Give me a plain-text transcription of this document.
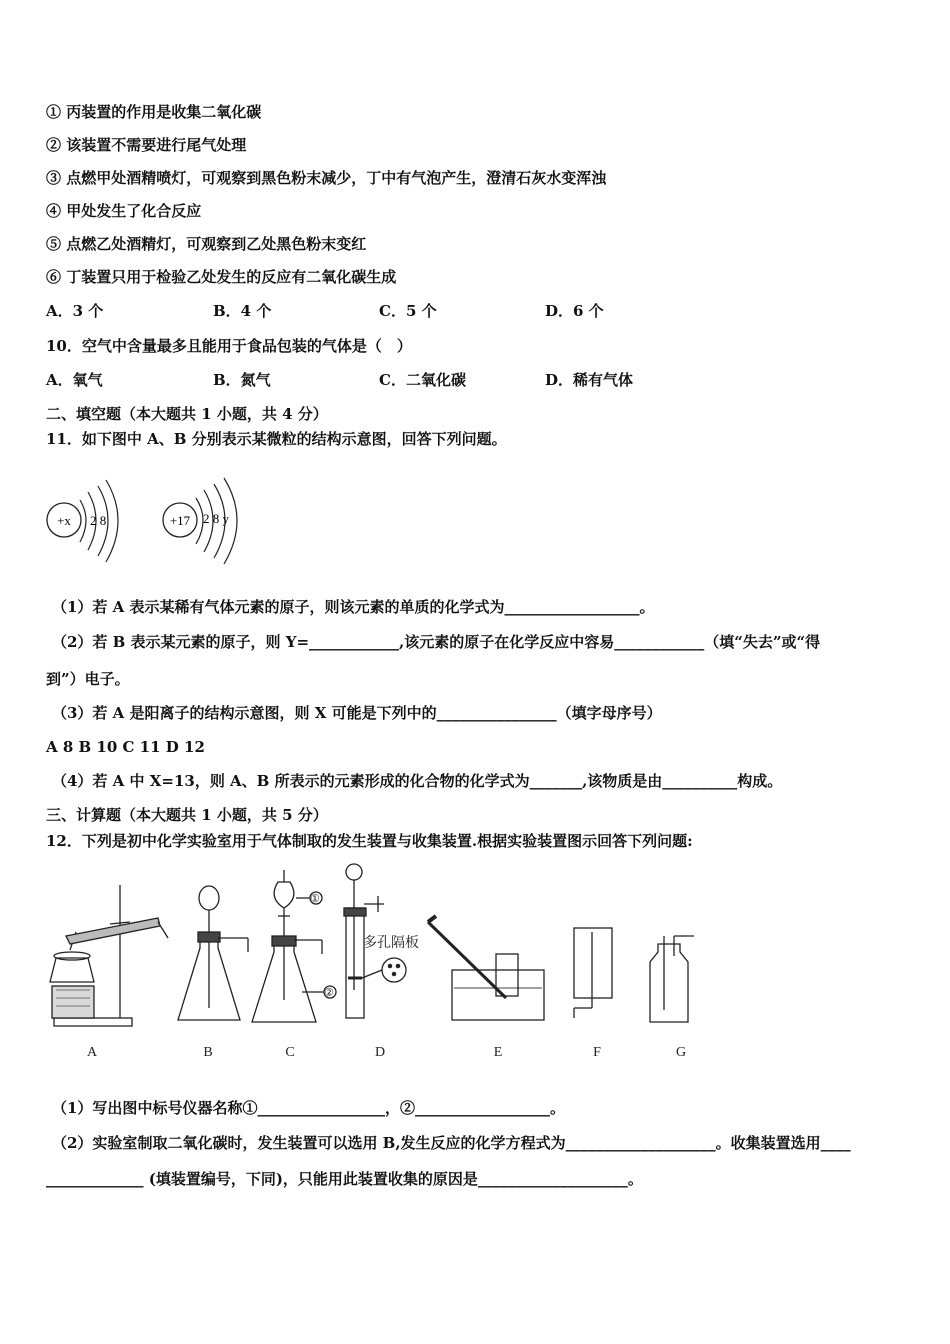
① 丙装置的作用是收集二氧化碳
② 该装置不需要进行尾气处理
③ 点燃甲处酒精喷灯，可观察到黑色粉末减少，丁中有气泡产生，澄清石灰水变浑浊
④ 甲处发生了化合反应
⑤ 点燃乙处酒精灯，可观察到乙处黑色粉末变红
⑥ 丁装置只用于检验乙处发生的反应有二氧化碳生成
A．3 个	B．4 个	C．5 个	D．6 个
10．空气中含量最多且能用于食品包装的气体是（　）
A．氧气	B．氮气	C．二氧化碳	D．稀有气体
二、填空题（本大题共 1 小题，共 4 分）
11．如下图中 A、B 分别表示某微粒的结构示意图，回答下列问题。
+x 2 8	+17 2 8 y
（1）若 A 表示某稀有气体元素的原子，则该元素的单质的化学式为__________________。
（2）若 B 表示某元素的原子，则 Y=____________,该元素的原子在化学反应中容易____________（填“失去”或“得
到”）电子。
（3）若 A 是阳离子的结构示意图，则 X 可能是下列中的________________（填字母序号）
A 8 B 10 C 11 D 12
（4）若 A 中 X=13，则 A、B 所表示的元素形成的化合物的化学式为_______,该物质是由__________构成。
三、计算题（本大题共 1 小题，共 5 分）
12．下列是初中化学实验室用于气体制取的发生装置与收集装置.根据实验装置图示回答下列问题:
多孔隔板
①
②
A	B	C	D	E	F	G
（1）写出图中标号仪器名称①_________________，②__________________。
（2）实验室制取二氧化碳时，发生装置可以选用 B,发生反应的化学方程式为____________________。收集装置选用____
_____________ (填装置编号，下同)，只能用此装置收集的原因是____________________。
